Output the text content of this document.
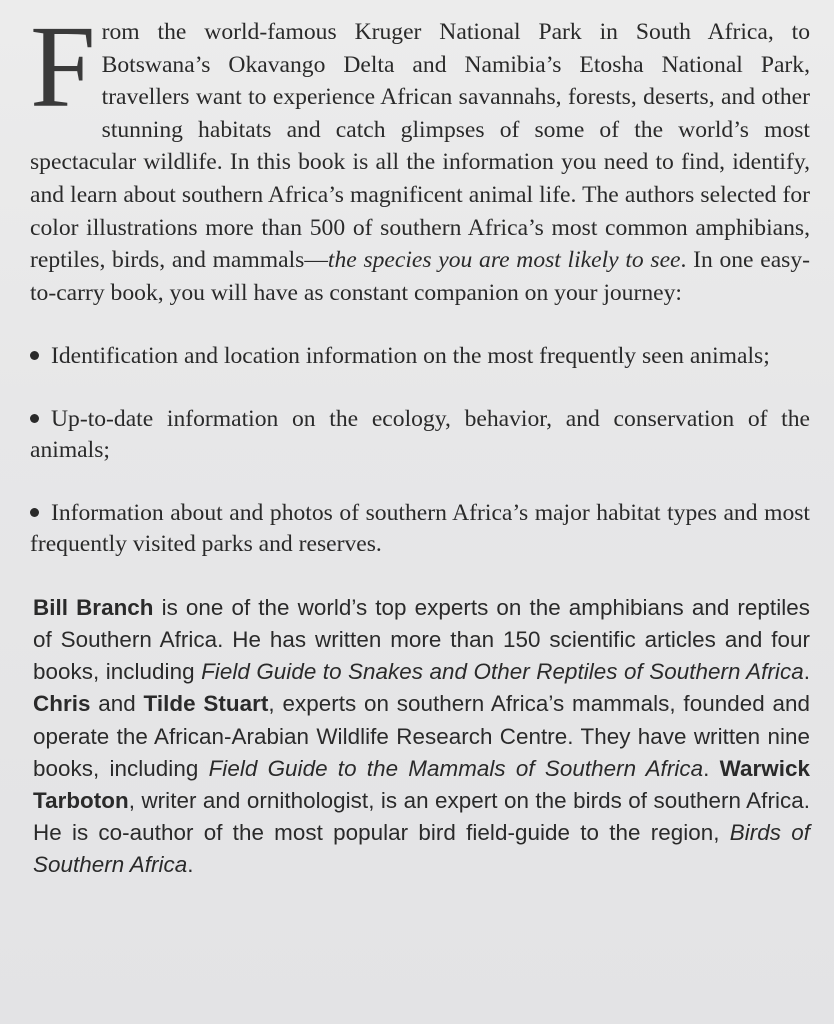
From the world-famous Kruger National Park in South Africa, to Botswana’s Okavango Delta and Namibia’s Etosha National Park, travellers want to experience African savannahs, forests, deserts, and other stunning habitats and catch glimpses of some of the world’s most spectacular wildlife. In this book is all the information you need to find, identify, and learn about southern Africa’s magnificent animal life. The authors selected for color illustrations more than 500 of southern Africa’s most common amphibians, reptiles, birds, and mammals—the species you are most likely to see. In one easy-to-carry book, you will have as constant companion on your journey:

Identification and location information on the most frequently seen animals;

Up-to-date information on the ecology, behavior, and conservation of the animals;

Information about and photos of southern Africa’s major habitat types and most frequently visited parks and reserves.

Bill Branch is one of the world’s top experts on the amphibians and reptiles of Southern Africa. He has written more than 150 scientific articles and four books, including Field Guide to Snakes and Other Reptiles of Southern Africa. Chris and Tilde Stuart, experts on southern Africa’s mammals, founded and operate the African-Arabian Wildlife Research Centre. They have written nine books, including Field Guide to the Mammals of Southern Africa. Warwick Tarboton, writer and ornithologist, is an expert on the birds of southern Africa. He is co-author of the most popular bird field-guide to the region, Birds of Southern Africa.
